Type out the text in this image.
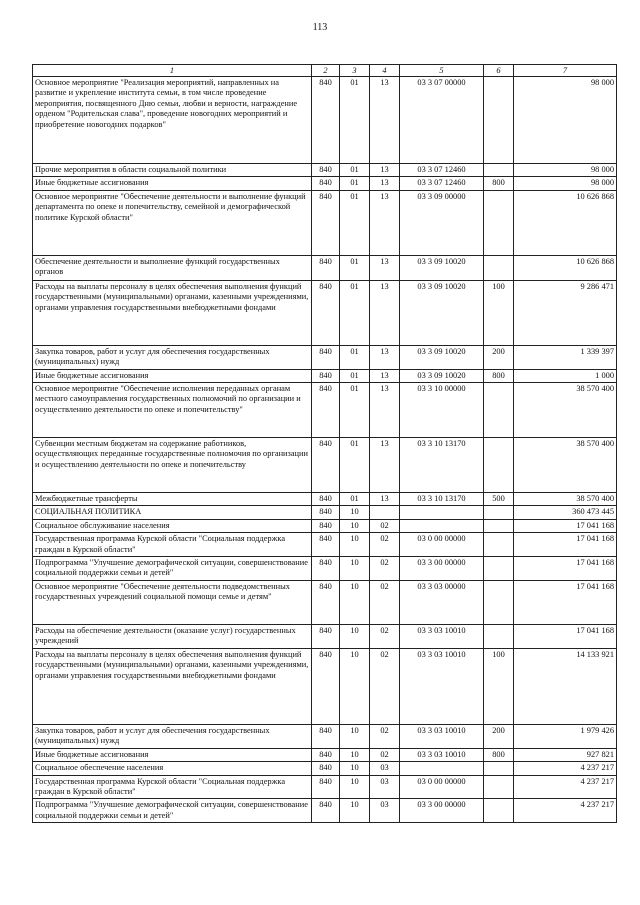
113
1	2	3	4	5	6	7
Основное мероприятие "Реализация мероприятий, направленных на развитие и укрепление института семьи, в том числе проведение мероприятия, посвященного Дню семьи, любви и верности, награждение орденом "Родительская слава", проведение новогодних мероприятий и приобретение новогодних подарков"	840	01	13	03 3 07 00000		98 000
Прочие мероприятия в области социальной политики	840	01	13	03 3 07 12460		98 000
Иные бюджетные ассигнования	840	01	13	03 3 07 12460	800	98 000
Основное мероприятие "Обеспечение деятельности и выполнение функций департамента по опеке и попечительству, семейной и демографической политике Курской области"	840	01	13	03 3 09 00000		10 626 868
Обеспечение деятельности и выполнение функций государственных органов	840	01	13	03 3 09 10020		10 626 868
Расходы на выплаты персоналу в целях обеспечения выполнения функций государственными (муниципальными) органами, казенными учреждениями, органами управления государственными внебюджетными фондами	840	01	13	03 3 09 10020	100	9 286 471
Закупка товаров, работ и услуг для обеспечения государственных (муниципальных) нужд	840	01	13	03 3 09 10020	200	1 339 397
Иные бюджетные ассигнования	840	01	13	03 3 09 10020	800	1 000
Основное мероприятие "Обеспечение исполнения переданных органам местного самоуправления государственных полномочий по организации и осуществлению деятельности по опеке и попечительству"	840	01	13	03 3 10 00000		38 570 400
Субвенции местным бюджетам на содержание работников, осуществляющих переданные государственные полномочия по организации и осуществлению деятельности по опеке и попечительству	840	01	13	03 3 10 13170		38 570 400
Межбюджетные трансферты	840	01	13	03 3 10 13170	500	38 570 400
СОЦИАЛЬНАЯ ПОЛИТИКА	840	10				360 473 445
Социальное обслуживание населения	840	10	02			17 041 168
Государственная программа Курской области "Социальная поддержка граждан в Курской области"	840	10	02	03 0 00 00000		17 041 168
Подпрограмма "Улучшение демографической ситуации, совершенствование социальной поддержки семьи и детей"	840	10	02	03 3 00 00000		17 041 168
Основное мероприятие "Обеспечение деятельности подведомственных государственных учреждений социальной помощи семье и детям"	840	10	02	03 3 03 00000		17 041 168
Расходы на обеспечение деятельности (оказание услуг) государственных учреждений	840	10	02	03 3 03 10010		17 041 168
Расходы на выплаты персоналу в целях обеспечения выполнения функций государственными (муниципальными) органами, казенными учреждениями, органами управления государственными внебюджетными фондами	840	10	02	03 3 03 10010	100	14 133 921
Закупка товаров, работ и услуг для обеспечения государственных (муниципальных) нужд	840	10	02	03 3 03 10010	200	1 979 426
Иные бюджетные ассигнования	840	10	02	03 3 03 10010	800	927 821
Социальное обеспечение населения	840	10	03			4 237 217
Государственная программа Курской области "Социальная поддержка граждан в Курской области"	840	10	03	03 0 00 00000		4 237 217
Подпрограмма "Улучшение демографической ситуации, совершенствование социальной поддержки семьи и детей"	840	10	03	03 3 00 00000		4 237 217
